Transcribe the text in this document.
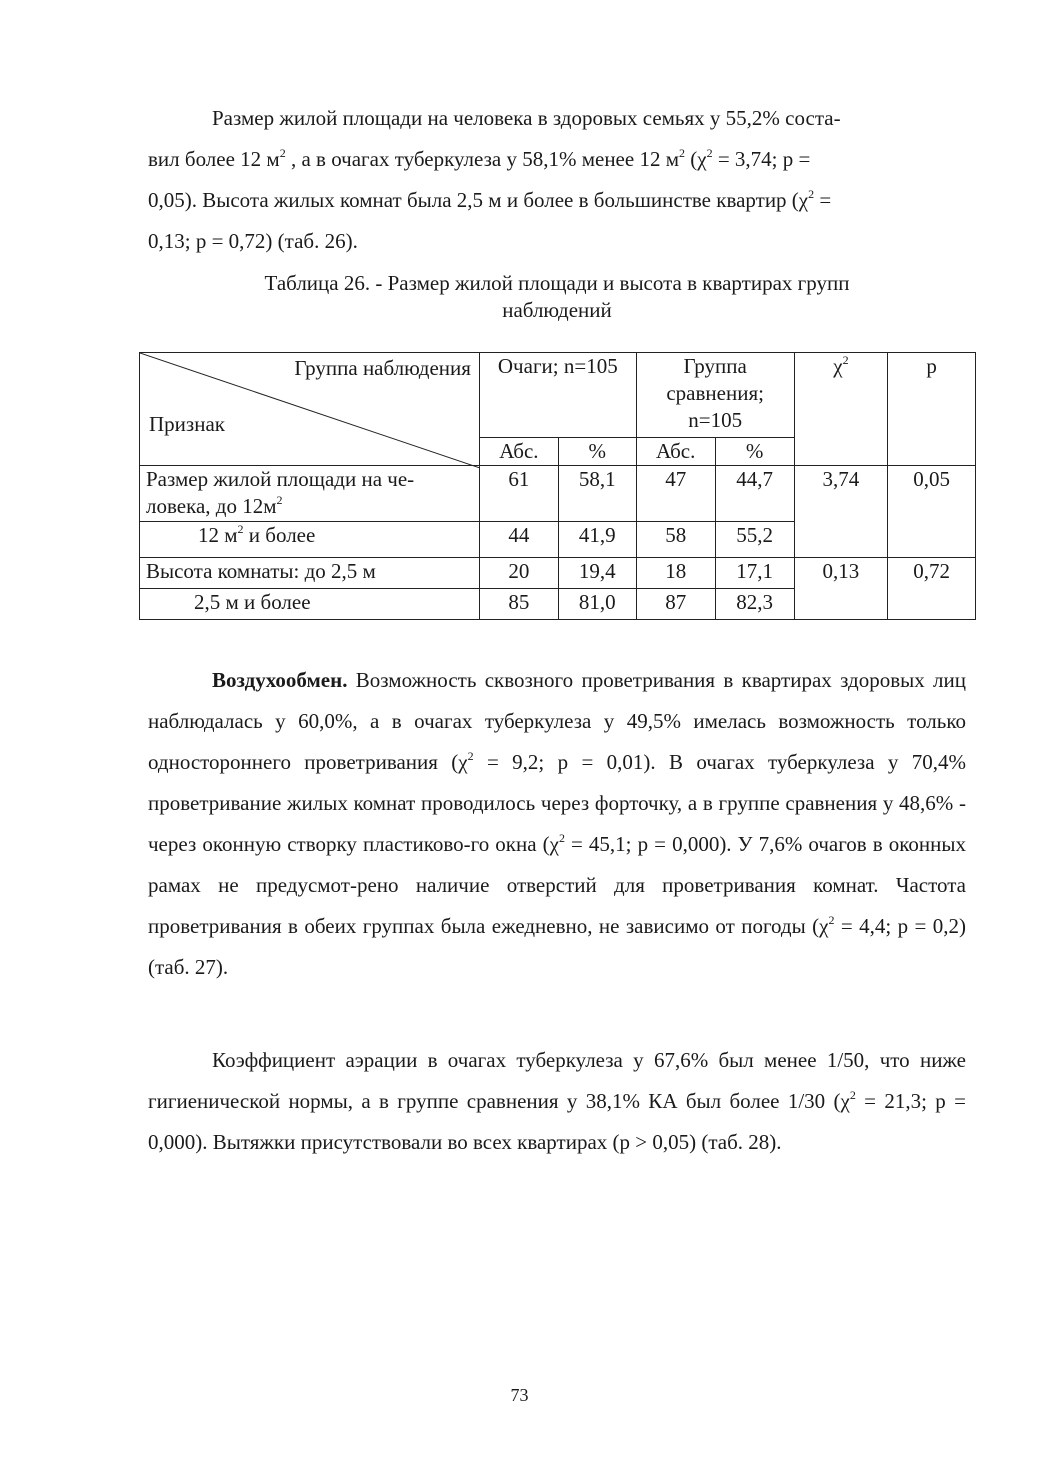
Размер жилой площади на человека в здоровых семьях у 55,2% соста-
вил более 12 $м^2$ , а в очагах туберкулеза у 58,1% менее 12 $м^2$ ($\chi^2 = 3,74$; р =
0,05). Высота жилых комнат была 2,5 м и более в большинстве квартир ($\chi^2$ =
0,13; р = 0,72) (таб. 26).

Таблица 26. - Размер жилой площади и высота в квартирах групп
наблюдений
Группа наблюдения
Признак	Очаги; n=105		Группа сравнения; n=105		$\chi^2$	р
	Абс.	%	Абс.	%		
Размер жилой площади на че-
ловека, до $12м^2$	61	58,1	47	44,7	3,74	0,05
12 $м^2$ и более	44	41,9	58	55,2		
Высота комнаты: до 2,5 м	20	19,4	18	17,1	0,13	0,72
2,5 м и более	85	81,0	87	82,3		

Воздухообмен. Возможность сквозного проветривания в квартирах здоровых лиц наблюдалась у 60,0%, а в очагах туберкулеза у 49,5% имелась возможность только одностороннего проветривания ($\chi^2 = 9,2$; р = 0,01). В очагах туберкулеза у 70,4% проветривание жилых комнат проводилось через форточку, а в группе сравнения у 48,6% - через оконную створку пластиково-го окна ($\chi^2 = 45,1$; р = 0,000). У 7,6% очагов в оконных рамах не предусмот-рено наличие отверстий для проветривания комнат. Частота проветривания в обеих группах была ежедневно, не зависимо от погоды ($\chi^2 = 4,4$; р = 0,2) (таб. 27).

Коэффициент аэрации в очагах туберкулеза у 67,6% был менее 1/50, что ниже гигиенической нормы, а в группе сравнения у 38,1% КА был более 1/30 ($\chi^2 = 21,3$; р = 0,000). Вытяжки присутствовали во всех квартирах (р > 0,05) (таб. 28).

73
